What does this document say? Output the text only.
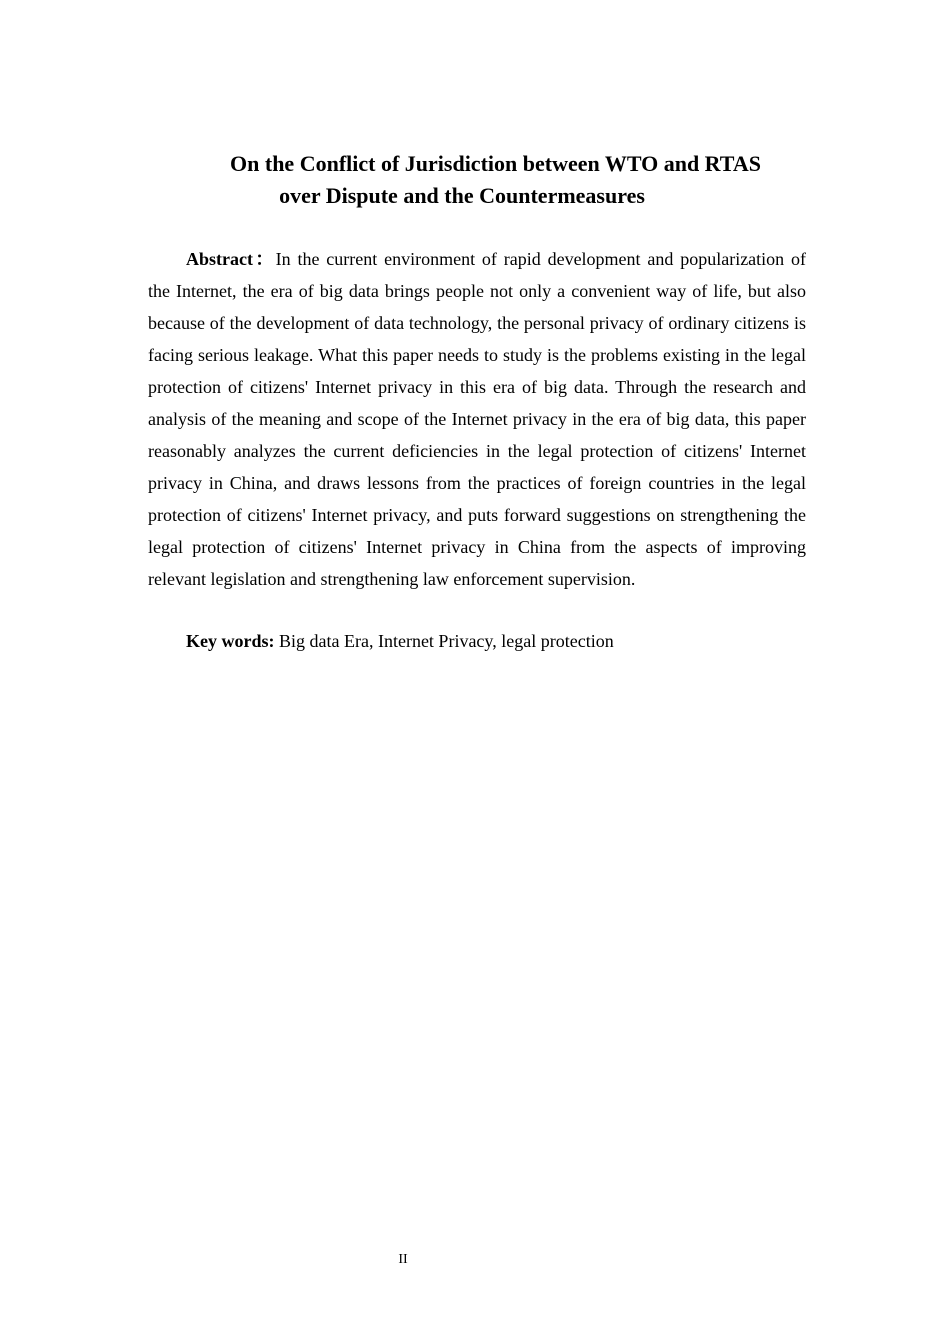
On the Conflict of Jurisdiction between WTO and RTAS
over Dispute and the Countermeasures

Abstract：In the current environment of rapid development and popularization of the Internet, the era of big data brings people not only a convenient way of life, but also because of the development of data technology, the personal privacy of ordinary citizens is facing serious leakage. What this paper needs to study is the problems existing in the legal protection of citizens' Internet privacy in this era of big data. Through the research and analysis of the meaning and scope of the Internet privacy in the era of big data, this paper reasonably analyzes the current deficiencies in the legal protection of citizens' Internet privacy in China, and draws lessons from the practices of foreign countries in the legal protection of citizens' Internet privacy, and puts forward suggestions on strengthening the legal protection of citizens' Internet privacy in China from the aspects of improving relevant legislation and strengthening law enforcement supervision.

Key words: Big data Era, Internet Privacy, legal protection

II
